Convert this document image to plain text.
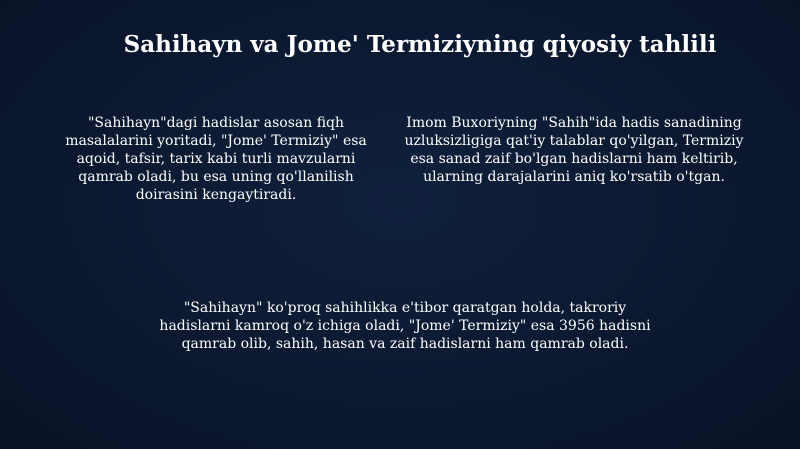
Sahihayn va Jome' Termiziyning qiyosiy tahlili
"Sahihayn"dagi hadislar asosan fiqh masalalarini yoritadi, "Jome' Termiziy" esa aqoid, tafsir, tarix kabi turli mavzularni qamrab oladi, bu esa uning qo'llanilish doirasini kengaytiradi.
Imom Buxoriyning "Sahih"ida hadis sanadining uzluksizligiga qat'iy talablar qo'yilgan, Termiziy esa sanad zaif bo'lgan hadislarni ham keltirib, ularning darajalarini aniq ko'rsatib o'tgan.
"Sahihayn" ko'proq sahihlikka e'tibor qaratgan holda, takroriy hadislarni kamroq o'z ichiga oladi, "Jome' Termiziy" esa 3956 hadisni qamrab olib, sahih, hasan va zaif hadislarni ham qamrab oladi.
